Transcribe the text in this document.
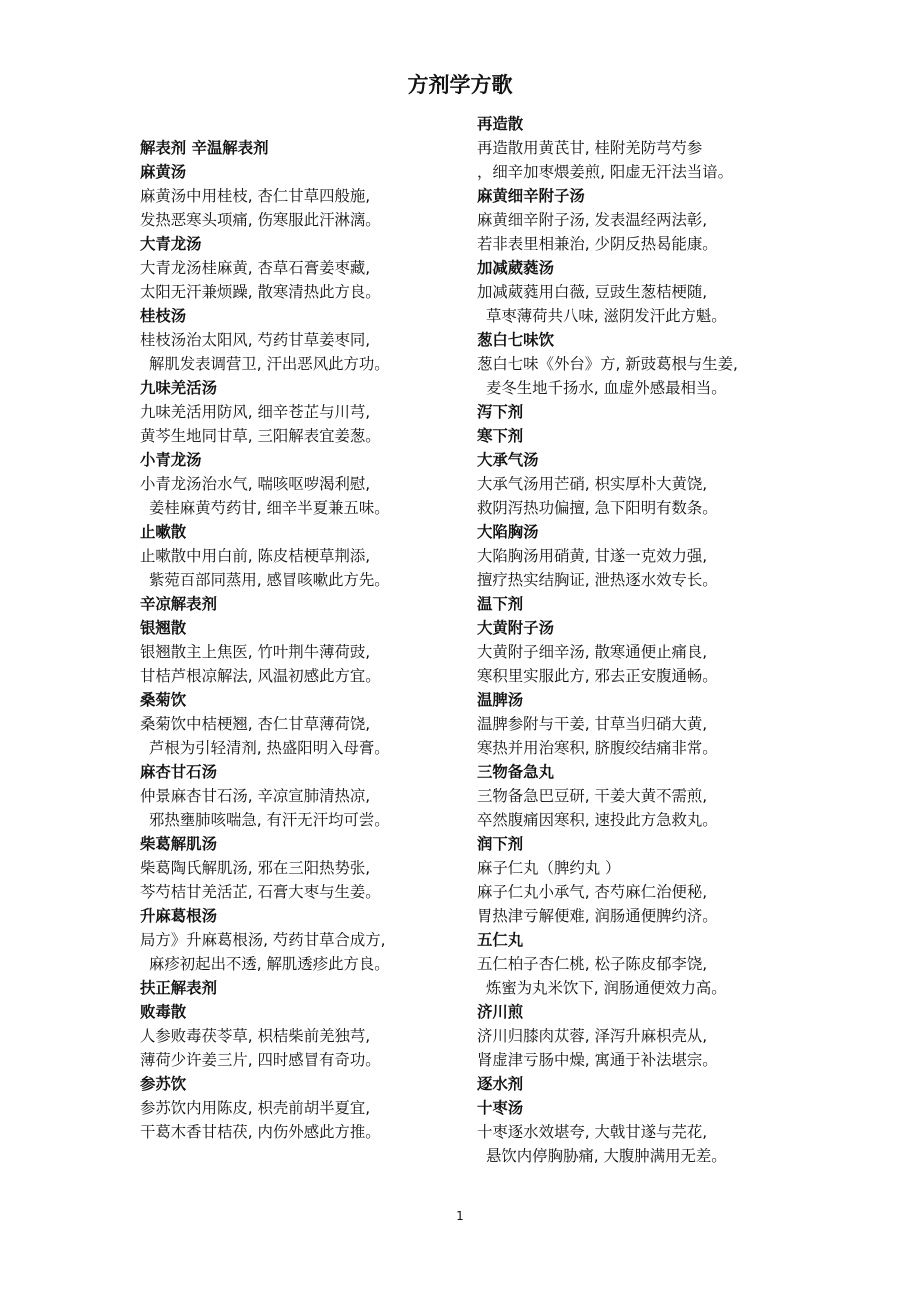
方剂学方歌
解表剂 辛温解表剂
麻黄汤
麻黄汤中用桂枝, 杏仁甘草四般施,
发热恶寒头项痛, 伤寒服此汗淋漓。
大青龙汤
大青龙汤桂麻黄, 杏草石膏姜枣藏,
太阳无汗兼烦躁, 散寒清热此方良。
桂枝汤
桂枝汤治太阳风, 芍药甘草姜枣同,
解肌发表调营卫, 汗出恶风此方功。
九味羌活汤
九味羌活用防风, 细辛苍芷与川芎,
黄芩生地同甘草, 三阳解表宜姜葱。
小青龙汤
小青龙汤治水气, 喘咳呕哕渴利慰,
姜桂麻黄芍药甘, 细辛半夏兼五味。
止嗽散
止嗽散中用白前, 陈皮桔梗草荆添,
紫菀百部同蒸用, 感冒咳嗽此方先。
辛凉解表剂
银翘散
银翘散主上焦医, 竹叶荆牛薄荷豉,
甘桔芦根凉解法, 风温初感此方宜。
桑菊饮
桑菊饮中桔梗翘, 杏仁甘草薄荷饶,
芦根为引轻清剂, 热盛阳明入母膏。
麻杏甘石汤
仲景麻杏甘石汤, 辛凉宣肺清热凉,
邪热壅肺咳喘急, 有汗无汗均可尝。
柴葛解肌汤
柴葛陶氏解肌汤, 邪在三阳热势张,
芩芍桔甘羌活芷, 石膏大枣与生姜。
升麻葛根汤
局方》升麻葛根汤, 芍药甘草合成方,
麻疹初起出不透, 解肌透疹此方良。
扶正解表剂
败毒散
人参败毒茯苓草, 枳桔柴前羌独芎,
薄荷少许姜三片, 四时感冒有奇功。
参苏饮
参苏饮内用陈皮, 枳壳前胡半夏宜,
干葛木香甘桔茯, 内伤外感此方推。
再造散
再造散用黄芪甘, 桂附羌防芎芍参
，细辛加枣煨姜煎, 阳虚无汗法当谙。
麻黄细辛附子汤
麻黄细辛附子汤, 发表温经两法彰,
若非表里相兼治, 少阴反热曷能康。
加减葳蕤汤
加减葳蕤用白薇, 豆豉生葱桔梗随,
草枣薄荷共八味, 滋阴发汗此方魁。
葱白七味饮
葱白七味《外台》方, 新豉葛根与生姜,
麦冬生地千扬水, 血虚外感最相当。
泻下剂
寒下剂
大承气汤
大承气汤用芒硝, 枳实厚朴大黄饶,
救阴泻热功偏擅, 急下阳明有数条。
大陷胸汤
大陷胸汤用硝黄, 甘遂一克效力强,
擅疗热实结胸证, 泄热逐水效专长。
温下剂
大黄附子汤
大黄附子细辛汤, 散寒通便止痛良,
寒积里实服此方, 邪去正安腹通畅。
温脾汤
温脾参附与干姜, 甘草当归硝大黄,
寒热并用治寒积, 脐腹绞结痛非常。
三物备急丸
三物备急巴豆研, 干姜大黄不需煎,
卒然腹痛因寒积, 速投此方急救丸。
润下剂
麻子仁丸（脾约丸 ）
麻子仁丸小承气, 杏芍麻仁治便秘,
胃热津亏解便难, 润肠通便脾约济。
五仁丸
五仁柏子杏仁桃, 松子陈皮郁李饶,
炼蜜为丸米饮下, 润肠通便效力高。
济川煎
济川归膝肉苁蓉, 泽泻升麻枳壳从,
肾虚津亏肠中燥, 寓通于补法堪宗。
逐水剂
十枣汤
十枣逐水效堪夸, 大戟甘遂与芫花,
悬饮内停胸胁痛, 大腹肿满用无差。
1
